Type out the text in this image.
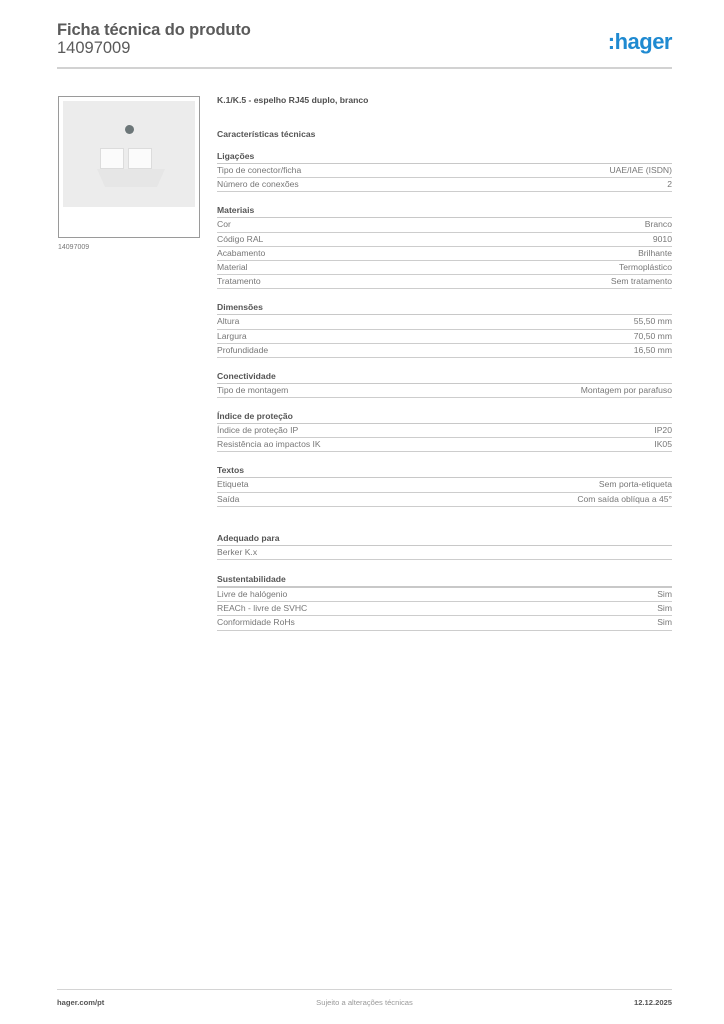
Ficha técnica do produto
14097009	:hager
14097009
K.1/K.5 - espelho RJ45 duplo, branco
Características técnicas
Ligações
Tipo de conector/ficha	UAE/IAE (ISDN)
Número de conexões	2
Materiais
Cor	Branco
Código RAL	9010
Acabamento	Brilhante
Material	Termoplástico
Tratamento	Sem tratamento
Dimensões
Altura	55,50 mm
Largura	70,50 mm
Profundidade	16,50 mm
Conectividade
Tipo de montagem	Montagem por parafuso
Índice de proteção
Índice de proteção IP	IP20
Resistência ao impactos IK	IK05
Textos
Etiqueta	Sem porta-etiqueta
Saída	Com saída oblíqua a 45°
Adequado para
Berker K.x
Sustentabilidade
Livre de halógenio	Sim
REACh - livre de SVHC	Sim
Conformidade RoHs	Sim
hager.com/pt	Sujeito a alterações técnicas	12.12.2025
